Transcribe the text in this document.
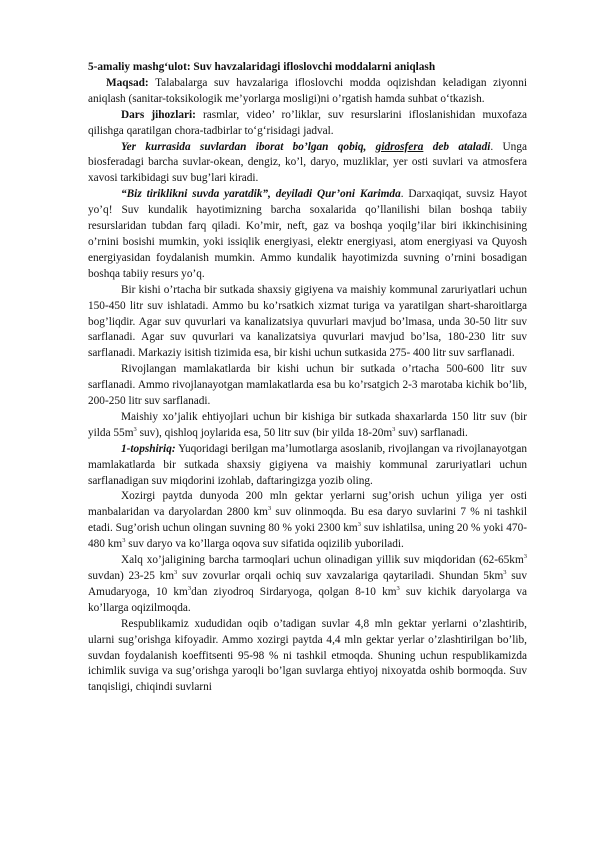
5-amaliy mashg‘ulot: Suv havzalaridagi ifloslovchi moddalarni aniqlash

Maqsad: Talabalarga suv havzalariga ifloslovchi modda oqizishdan keladigan ziyonni aniqlash (sanitar-toksikologik me’yorlarga mosligi)ni o’rgatish hamda suhbat o‘tkazish.

Dars jihozlari: rasmlar, video’ ro’liklar, suv resurslarini ifloslanishidan muxofaza qilishga qaratilgan chora-tadbirlar to‘g‘risidagi jadval.

Yer kurrasida suvlardan iborat bo’lgan qobiq, gidrosfera deb ataladi. Unga biosferadagi barcha suvlar-okean, dengiz, ko’l, daryo, muzliklar, yer osti suvlari va atmosfera xavosi tarkibidagi suv bug’lari kiradi.

“Biz tiriklikni suvda yaratdik”, deyiladi Qur’oni Karimda. Darxaqiqat, suvsiz Hayot yo’q! Suv kundalik hayotimizning barcha soxalarida qo’llanilishi bilan boshqa tabiiy resurslaridan tubdan farq qiladi. Ko’mir, neft, gaz va boshqa yoqilg’ilar biri ikkinchisining o’rnini bosishi mumkin, yoki issiqlik energiyasi, elektr energiyasi, atom energiyasi va Quyosh energiyasidan foydalanish mumkin. Ammo kundalik hayotimizda suvning o’rnini bosadigan boshqa tabiiy resurs yo’q.

Bir kishi o’rtacha bir sutkada shaxsiy gigiyena va maishiy kommunal zaruriyatlari uchun 150-450 litr suv ishlatadi. Ammo bu ko’rsatkich xizmat turiga va yaratilgan shart-sharoitlarga bog’liqdir. Agar suv quvurlari va kanalizatsiya quvurlari mavjud bo’lmasa, unda 30-50 litr suv sarflanadi. Agar suv quvurlari va kanalizatsiya quvurlari mavjud bo’lsa, 180-230 litr suv sarflanadi. Markaziy isitish tizimida esa, bir kishi uchun sutkasida 275- 400 litr suv sarflanadi.

Rivojlangan mamlakatlarda bir kishi uchun bir sutkada o’rtacha 500-600 litr suv sarflanadi. Ammo rivojlanayotgan mamlakatlarda esa bu ko’rsatgich 2-3 marotaba kichik bo’lib, 200-250 litr suv sarflanadi.

Maishiy xo’jalik ehtiyojlari uchun bir kishiga bir sutkada shaxarlarda 150 litr suv (bir yilda $55m^3$ suv), qishloq joylarida esa, 50 litr suv (bir yilda $18-20m^3$ suv) sarflanadi.

1-topshiriq: Yuqoridagi berilgan ma’lumotlarga asoslanib, rivojlangan va rivojlanayotgan mamlakatlarda bir sutkada shaxsiy gigiyena va maishiy kommunal zaruriyatlari uchun sarflanadigan suv miqdorini izohlab, daftaringizga yozib oling.

Xozirgi paytda dunyoda 200 mln gektar yerlarni sug’orish uchun yiliga yer osti manbalaridan va daryolardan 2800 $km^3$ suv olinmoqda. Bu esa daryo suvlarini 7 % ni tashkil etadi. Sug’orish uchun olingan suvning 80 % yoki 2300 $km^3$ suv ishlatilsa, uning 20 % yoki 470-480 $km^3$ suv daryo va ko’llarga oqova suv sifatida oqizilib yuboriladi.

Xalq xo’jaligining barcha tarmoqlari uchun olinadigan yillik suv miqdoridan ($62-65km^3$ suvdan) 23-25 $km^3$ suv zovurlar orqali ochiq suv xavzalariga qaytariladi. Shundan $5km^3$ suv Amudaryoga, 10 $km^3dan$ ziyodroq Sirdaryoga, qolgan 8-10 $km^3$ suv kichik daryolarga va ko’llarga oqizilmoqda.

Respublikamiz xududidan oqib o’tadigan suvlar 4,8 mln gektar yerlarni o’zlashtirib, ularni sug’orishga kifoyadir. Ammo xozirgi paytda 4,4 mln gektar yerlar o’zlashtirilgan bo’lib, suvdan foydalanish koeffitsenti 95-98 % ni tashkil etmoqda. Shuning uchun respublikamizda ichimlik suviga va sug’orishga yaroqli bo’lgan suvlarga ehtiyoj nixoyatda oshib bormoqda. Suv tanqisligi, chiqindi suvlarni
